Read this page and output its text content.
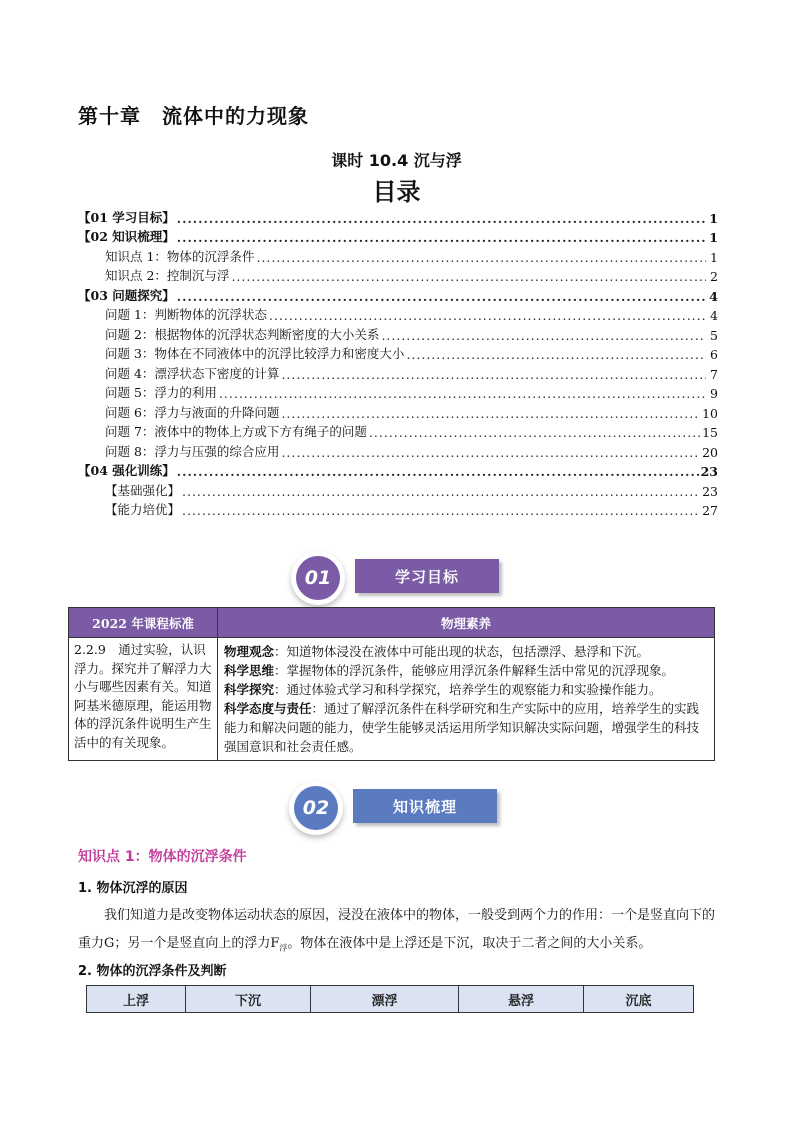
第十章　流体中的力现象
课时 10.4 沉与浮
目录
【01 学习目标】 .....	1
【02 知识梳理】 .....	1
知识点 1：物体的沉浮条件 .....	1
知识点 2：控制沉与浮 .....	2
【03 问题探究】 .....	4
问题 1：判断物体的沉浮状态 .....	4
问题 2：根据物体的沉浮状态判断密度的大小关系 .....	5
问题 3：物体在不同液体中的沉浮比较浮力和密度大小 .....	6
问题 4：漂浮状态下密度的计算 .....	7
问题 5：浮力的利用 .....	9
问题 6：浮力与液面的升降问题 .....	10
问题 7：液体中的物体上方或下方有绳子的问题 .....	15
问题 8：浮力与压强的综合应用 .....	20
【04 强化训练】 .....	23
【基础强化】 .....	23
【能力培优】 .....	27
01	学习目标
2022 年课程标准	物理素养
2.2.9　通过实验，认识浮力。探究并了解浮力大小与哪些因素有关。知道阿基米德原理，能运用物体的浮沉条件说明生产生活中的有关现象。	物理观念：知道物体浸没在液体中可能出现的状态，包括漂浮、悬浮和下沉。
科学思维：掌握物体的浮沉条件，能够应用浮沉条件解释生活中常见的沉浮现象。
科学探究：通过体验式学习和科学探究，培养学生的观察能力和实验操作能力。
科学态度与责任：通过了解浮沉条件在科学研究和生产实际中的应用，培养学生的实践能力和解决问题的能力，使学生能够灵活运用所学知识解决实际问题，增强学生的科技强国意识和社会责任感。
02	知识梳理
知识点 1：物体的沉浮条件
1. 物体沉浮的原因
我们知道力是改变物体运动状态的原因，浸没在液体中的物体，一般受到两个力的作用：一个是竖直向下的重力G；另一个是竖直向上的浮力$F_浮$。物体在液体中是上浮还是下沉，取决于二者之间的大小关系。
2. 物体的沉浮条件及判断
上浮	下沉	漂浮	悬浮	沉底
